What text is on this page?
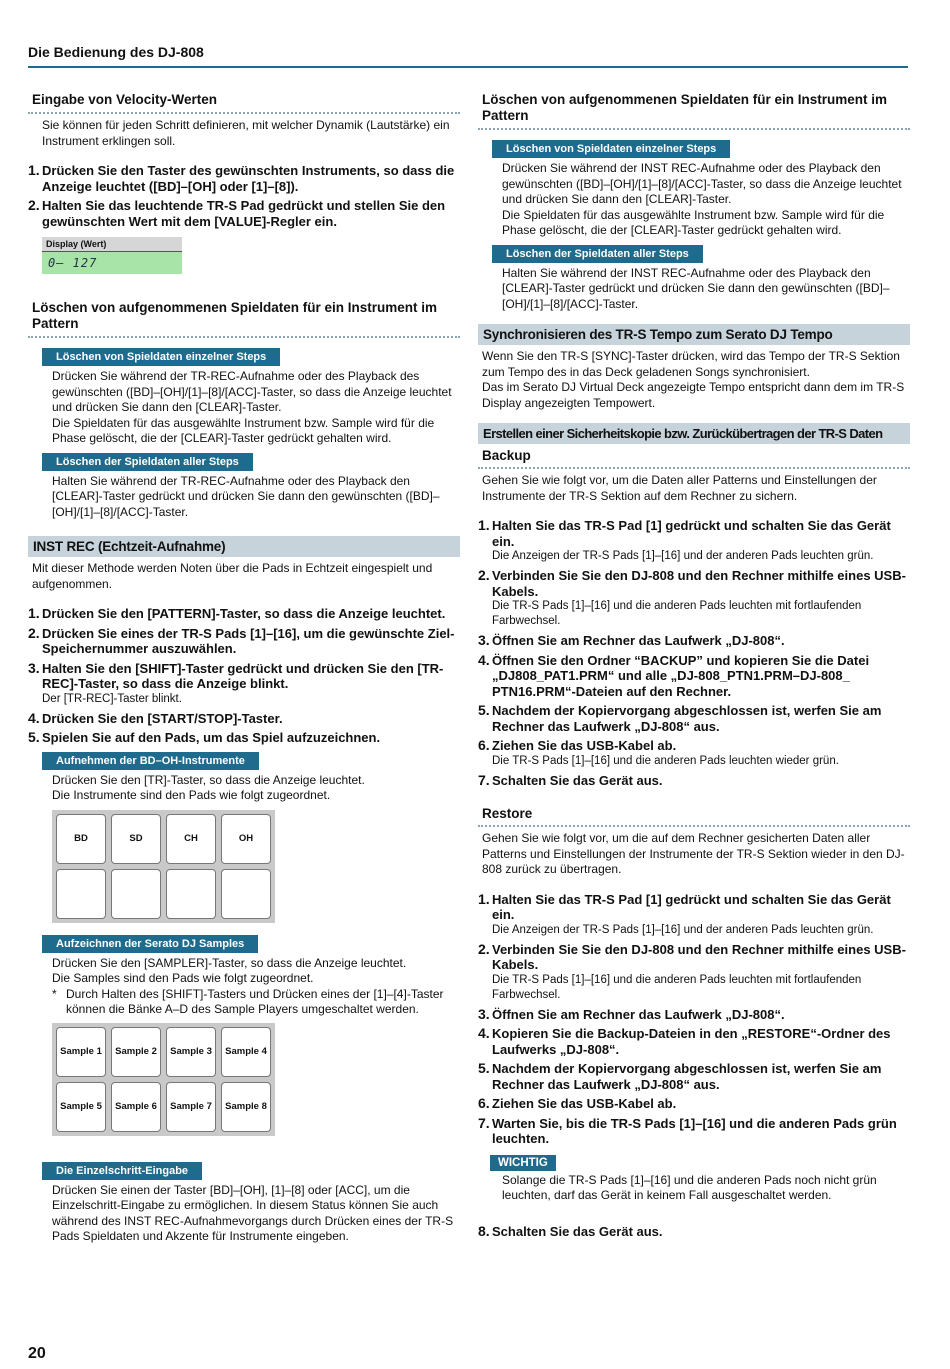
Die Bedienung des DJ-808
Eingabe von Velocity-Werten

Sie können für jeden Schritt definieren, mit welcher Dynamik (Lautstärke) ein Instrument erklingen soll.

1. Drücken Sie den Taster des gewünschten Instruments, so dass die Anzeige leuchtet ([BD]–[OH] oder [1]–[8]).
2. Halten Sie das leuchtende TR-S Pad gedrückt und stellen Sie den gewünschten Wert mit dem [VALUE]-Regler ein.
Display (Wert)
0– 127
Löschen von aufgenommenen Spieldaten für ein Instrument im Pattern
Löschen von Spieldaten einzelner Steps

Drücken Sie während der TR-REC-Aufnahme oder des Playback des gewünschten ([BD]–[OH]/[1]–[8]/[ACC]-Taster, so dass die Anzeige leuchtet und drücken Sie dann den [CLEAR]-Taster.

Die Spieldaten für das ausgewählte Instrument bzw. Sample wird für die Phase gelöscht, die der [CLEAR]-Taster gedrückt gehalten wird.

Löschen der Spieldaten aller Steps

Halten Sie während der TR-REC-Aufnahme oder des Playback den [CLEAR]-Taster gedrückt und drücken Sie dann den gewünschten ([BD]–[OH]/[1]–[8]/[ACC]-Taster.

INST REC (Echtzeit-Aufnahme)

Mit dieser Methode werden Noten über die Pads in Echtzeit eingespielt und aufgenommen.

1. Drücken Sie den [PATTERN]-Taster, so dass die Anzeige leuchtet.
2. Drücken Sie eines der TR-S Pads [1]–[16], um die gewünschte Ziel-Speichernummer auszuwählen.
3. Halten Sie den [SHIFT]-Taster gedrückt und drücken Sie den [TR-REC]-Taster, so dass die Anzeige blinkt.
Der [TR-REC]-Taster blinkt.
4. Drücken Sie den [START/STOP]-Taster.
5. Spielen Sie auf den Pads, um das Spiel aufzuzeichnen.
Aufnehmen der BD–OH-Instrumente

Drücken Sie den [TR]-Taster, so dass die Anzeige leuchtet.

Die Instrumente sind den Pads wie folgt zugeordnet.

BD	SD	CH	OH
Aufzeichnen der Serato DJ Samples

Drücken Sie den [SAMPLER]-Taster, so dass die Anzeige leuchtet.

Die Samples sind den Pads wie folgt zugeordnet.

* Durch Halten des [SHIFT]-Tasters und Drücken eines der [1]–[4]-Taster können die Bänke A–D des Sample Players umgeschaltet werden.
Sample 1	Sample 2	Sample 3	Sample 4
Sample 5	Sample 6	Sample 7	Sample 8
Die Einzelschritt-Eingabe

Drücken Sie einen der Taster [BD]–[OH], [1]–[8] oder [ACC], um die Einzelschritt-Eingabe zu ermöglichen. In diesem Status können Sie auch während des INST REC-Aufnahmevorgangs durch Drücken eines der TR-S Pads Spieldaten und Akzente für Instrumente eingeben.

Löschen von aufgenommenen Spieldaten für ein Instrument im Pattern
Löschen von Spieldaten einzelner Steps

Drücken Sie während der INST REC-Aufnahme oder des Playback den gewünschten ([BD]–[OH]/[1]–[8]/[ACC]-Taster, so dass die Anzeige leuchtet und drücken Sie dann den [CLEAR]-Taster.

Die Spieldaten für das ausgewählte Instrument bzw. Sample wird für die Phase gelöscht, die der [CLEAR]-Taster gedrückt gehalten wird.

Löschen der Spieldaten aller Steps

Halten Sie während der INST REC-Aufnahme oder des Playback den [CLEAR]-Taster gedrückt und drücken Sie dann den gewünschten ([BD]–[OH]/[1]–[8]/[ACC]-Taster.

Synchronisieren des TR-S Tempo zum Serato DJ Tempo

Wenn Sie den TR-S [SYNC]-Taster drücken, wird das Tempo der TR-S Sektion zum Tempo des in das Deck geladenen Songs synchronisiert.

Das im Serato DJ Virtual Deck angezeigte Tempo entspricht dann dem im TR-S Display angezeigten Tempowert.

Erstellen einer Sicherheitskopie bzw. Zurückübertragen der TR-S Daten
Backup

Gehen Sie wie folgt vor, um die Daten aller Patterns und Einstellungen der Instrumente der TR-S Sektion auf dem Rechner zu sichern.

1. Halten Sie das TR-S Pad [1] gedrückt und schalten Sie das Gerät ein.
Die Anzeigen der TR-S Pads [1]–[16] und der anderen Pads leuchten grün.
2. Verbinden Sie Sie den DJ-808 und den Rechner mithilfe eines USB-Kabels.
Die TR-S Pads [1]–[16] und die anderen Pads leuchten mit fortlaufenden Farbwechsel.
3. Öffnen Sie am Rechner das Laufwerk „DJ-808“.
4. Öffnen Sie den Ordner “BACKUP” und kopieren Sie die Datei „DJ808_PAT1.PRM“ und alle „DJ-808_PTN1.PRM–DJ-808_ PTN16.PRM“-Dateien auf den Rechner.
5. Nachdem der Kopiervorgang abgeschlossen ist, werfen Sie am Rechner das Laufwerk „DJ-808“ aus.
6. Ziehen Sie das USB-Kabel ab.
Die TR-S Pads [1]–[16] und die anderen Pads leuchten wieder grün.
7. Schalten Sie das Gerät aus.
Restore

Gehen Sie wie folgt vor, um die auf dem Rechner gesicherten Daten aller Patterns und Einstellungen der Instrumente der TR-S Sektion wieder in den DJ-808 zurück zu übertragen.

1. Halten Sie das TR-S Pad [1] gedrückt und schalten Sie das Gerät ein.
Die Anzeigen der TR-S Pads [1]–[16] und der anderen Pads leuchten grün.
2. Verbinden Sie Sie den DJ-808 und den Rechner mithilfe eines USB-Kabels.
Die TR-S Pads [1]–[16] und die anderen Pads leuchten mit fortlaufenden Farbwechsel.
3. Öffnen Sie am Rechner das Laufwerk „DJ-808“.
4. Kopieren Sie die Backup-Dateien in den „RESTORE“-Ordner des Laufwerks „DJ-808“.
5. Nachdem der Kopiervorgang abgeschlossen ist, werfen Sie am Rechner das Laufwerk „DJ-808“ aus.
6. Ziehen Sie das USB-Kabel ab.
7. Warten Sie, bis die TR-S Pads [1]–[16] und die anderen Pads grün leuchten.
WICHTIG

Solange die TR-S Pads [1]–[16] und die anderen Pads noch nicht grün leuchten, darf das Gerät in keinem Fall ausgeschaltet werden.

8. Schalten Sie das Gerät aus.
20
